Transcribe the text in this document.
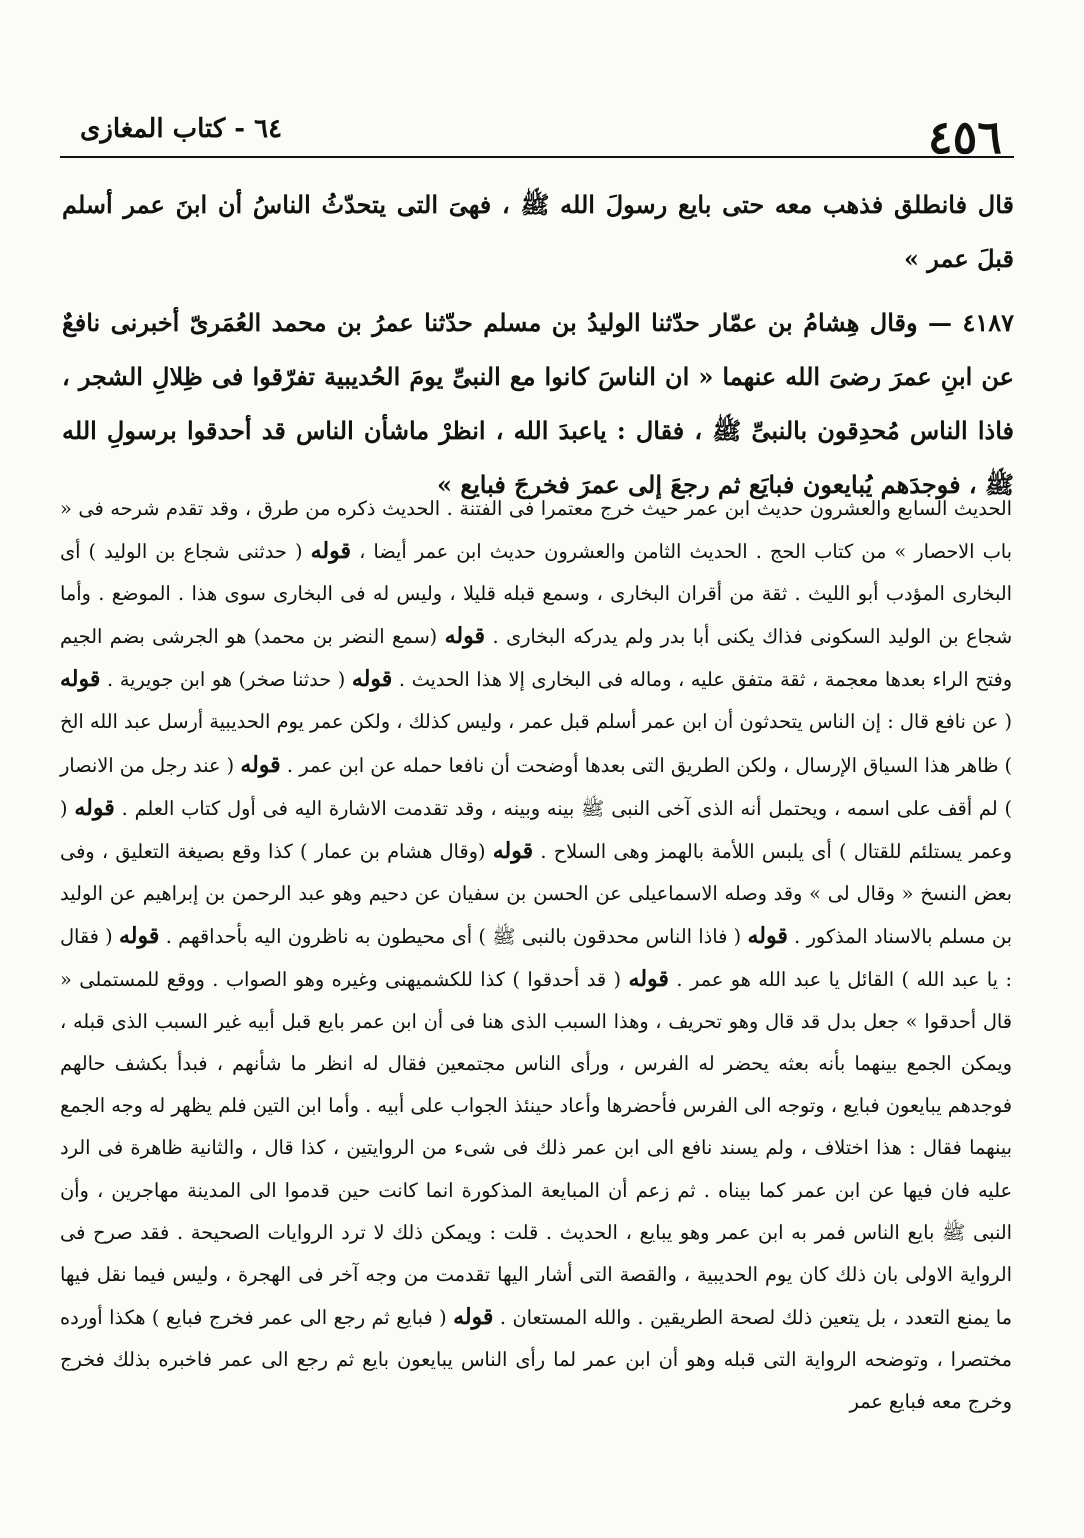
٤٥٦
٦٤ - كتاب المغازى

قال فانطلق فذهب معه حتى بايع رسولَ الله ﷺ ، فهىَ التى يتحدّثُ الناسُ أن ابنَ عمر أسلم قبلَ عمر »

٤١٨٧ — وقال هِشامُ بن عمّار حدّثنا الوليدُ بن مسلم حدّثنا عمرُ بن محمد العُمَرىّ أخبرنى نافعٌ عن ابنِ عمرَ رضىَ الله عنهما « ان الناسَ كانوا مع النبىِّ يومَ الحُديبية تفرّقوا فى ظِلالِ الشجر ، فاذا الناس مُحدِقون بالنبىِّ ﷺ ، فقال : ياعبدَ الله ، انظرْ ماشأن الناس قد أحدقوا برسولِ الله ﷺ ، فوجدَهم يُبايعون فبايَع ثم رجعَ إلى عمرَ فخرجَ فبايع »

الحديث السابع والعشرون حديث ابن عمر حيث خرج معتمرا فى الفتنة . الحديث ذكره من طرق ، وقد تقدم شرحه فى « باب الاحصار » من كتاب الحج . الحديث الثامن والعشرون حديث ابن عمر أيضا ، قوله ( حدثنى شجاع بن الوليد ) أى البخارى المؤدب أبو الليث . ثقة من أقران البخارى ، وسمع قبله قليلا ، وليس له فى البخارى سوى هذا . الموضع . وأما شجاع بن الوليد السكونى فذاك يكنى أبا بدر ولم يدركه البخارى . قوله (سمع النضر بن محمد) هو الجرشى بضم الجيم وفتح الراء بعدها معجمة ، ثقة متفق عليه ، وماله فى البخارى إلا هذا الحديث . قوله ( حدثنا صخر) هو ابن جويرية . قوله ( عن نافع قال : إن الناس يتحدثون أن ابن عمر أسلم قبل عمر ، وليس كذلك ، ولكن عمر يوم الحديبية أرسل عبد الله الخ ) ظاهر هذا السياق الإرسال ، ولكن الطريق التى بعدها أوضحت أن نافعا حمله عن ابن عمر . قوله ( عند رجل من الانصار ) لم أقف على اسمه ، ويحتمل أنه الذى آخى النبى ﷺ بينه وبينه ، وقد تقدمت الاشارة اليه فى أول كتاب العلم . قوله ( وعمر يستلئم للقتال ) أى يلبس اللأمة بالهمز وهى السلاح . قوله (وقال هشام بن عمار ) كذا وقع بصيغة التعليق ، وفى بعض النسخ « وقال لى » وقد وصله الاسماعيلى عن الحسن بن سفيان عن دحيم وهو عبد الرحمن بن إبراهيم عن الوليد بن مسلم بالاسناد المذكور . قوله ( فاذا الناس محدقون بالنبى ﷺ ) أى محيطون به ناظرون اليه بأحداقهم . قوله ( فقال : يا عبد الله ) القائل يا عبد الله هو عمر . قوله ( قد أحدقوا ) كذا للكشميهنى وغيره وهو الصواب . ووقع للمستملى « قال أحدقوا » جعل بدل قد قال وهو تحريف ، وهذا السبب الذى هنا فى أن ابن عمر بايع قبل أبيه غير السبب الذى قبله ، ويمكن الجمع بينهما بأنه بعثه يحضر له الفرس ، ورأى الناس مجتمعين فقال له انظر ما شأنهم ، فبدأ بكشف حالهم فوجدهم يبايعون فبايع ، وتوجه الى الفرس فأحضرها وأعاد حينئذ الجواب على أبيه . وأما ابن التين فلم يظهر له وجه الجمع بينهما فقال : هذا اختلاف ، ولم يسند نافع الى ابن عمر ذلك فى شىء من الروايتين ، كذا قال ، والثانية ظاهرة فى الرد عليه فان فيها عن ابن عمر كما بيناه . ثم زعم أن المبايعة المذكورة انما كانت حين قدموا الى المدينة مهاجرين ، وأن النبى ﷺ بايع الناس فمر به ابن عمر وهو يبايع ، الحديث . قلت : ويمكن ذلك لا ترد الروايات الصحيحة . فقد صرح فى الرواية الاولى بان ذلك كان يوم الحديبية ، والقصة التى أشار اليها تقدمت من وجه آخر فى الهجرة ، وليس فيما نقل فيها ما يمنع التعدد ، بل يتعين ذلك لصحة الطريقين . والله المستعان . قوله ( فبايع ثم رجع الى عمر فخرج فبايع ) هكذا أورده مختصرا ، وتوضحه الرواية التى قبله وهو أن ابن عمر لما رأى الناس يبايعون بايع ثم رجع الى عمر فاخبره بذلك فخرج وخرج معه فبايع عمر
